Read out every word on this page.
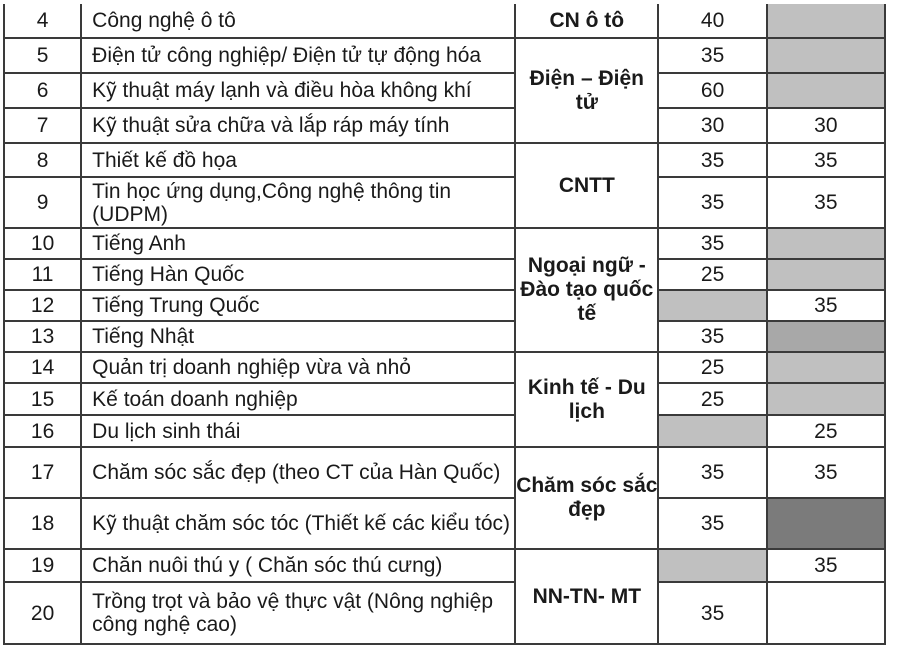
4	Công nghệ ô tô	CN ô tô	40	
5	Điện tử công nghiệp/ Điện tử tự động hóa	Điện – Điện tử	35	
6	Kỹ thuật máy lạnh và điều hòa không khí		60	
7	Kỹ thuật sửa chữa và lắp ráp máy tính		30	30
8	Thiết kế đồ họa	CNTT	35	35
9	Tin học ứng dụng,Công nghệ thông tin (UDPM)		35	35
10	Tiếng Anh	Ngoại ngữ - Đào tạo quốc tế	35	
11	Tiếng Hàn Quốc		25	
12	Tiếng Trung Quốc			35
13	Tiếng Nhật		35	
14	Quản trị doanh nghiệp vừa và nhỏ	Kinh tế - Du lịch	25	
15	Kế toán doanh nghiệp		25	
16	Du lịch sinh thái			25
17	Chăm sóc sắc đẹp (theo CT của Hàn Quốc)	Chăm sóc sắc đẹp	35	35
18	Kỹ thuật chăm sóc tóc (Thiết kế các kiểu tóc)		35	
19	Chăn nuôi thú y ( Chăn sóc thú cưng)	NN-TN- MT		35
20	Trồng trọt và bảo vệ thực vật (Nông nghiệp công nghệ cao)		35	
